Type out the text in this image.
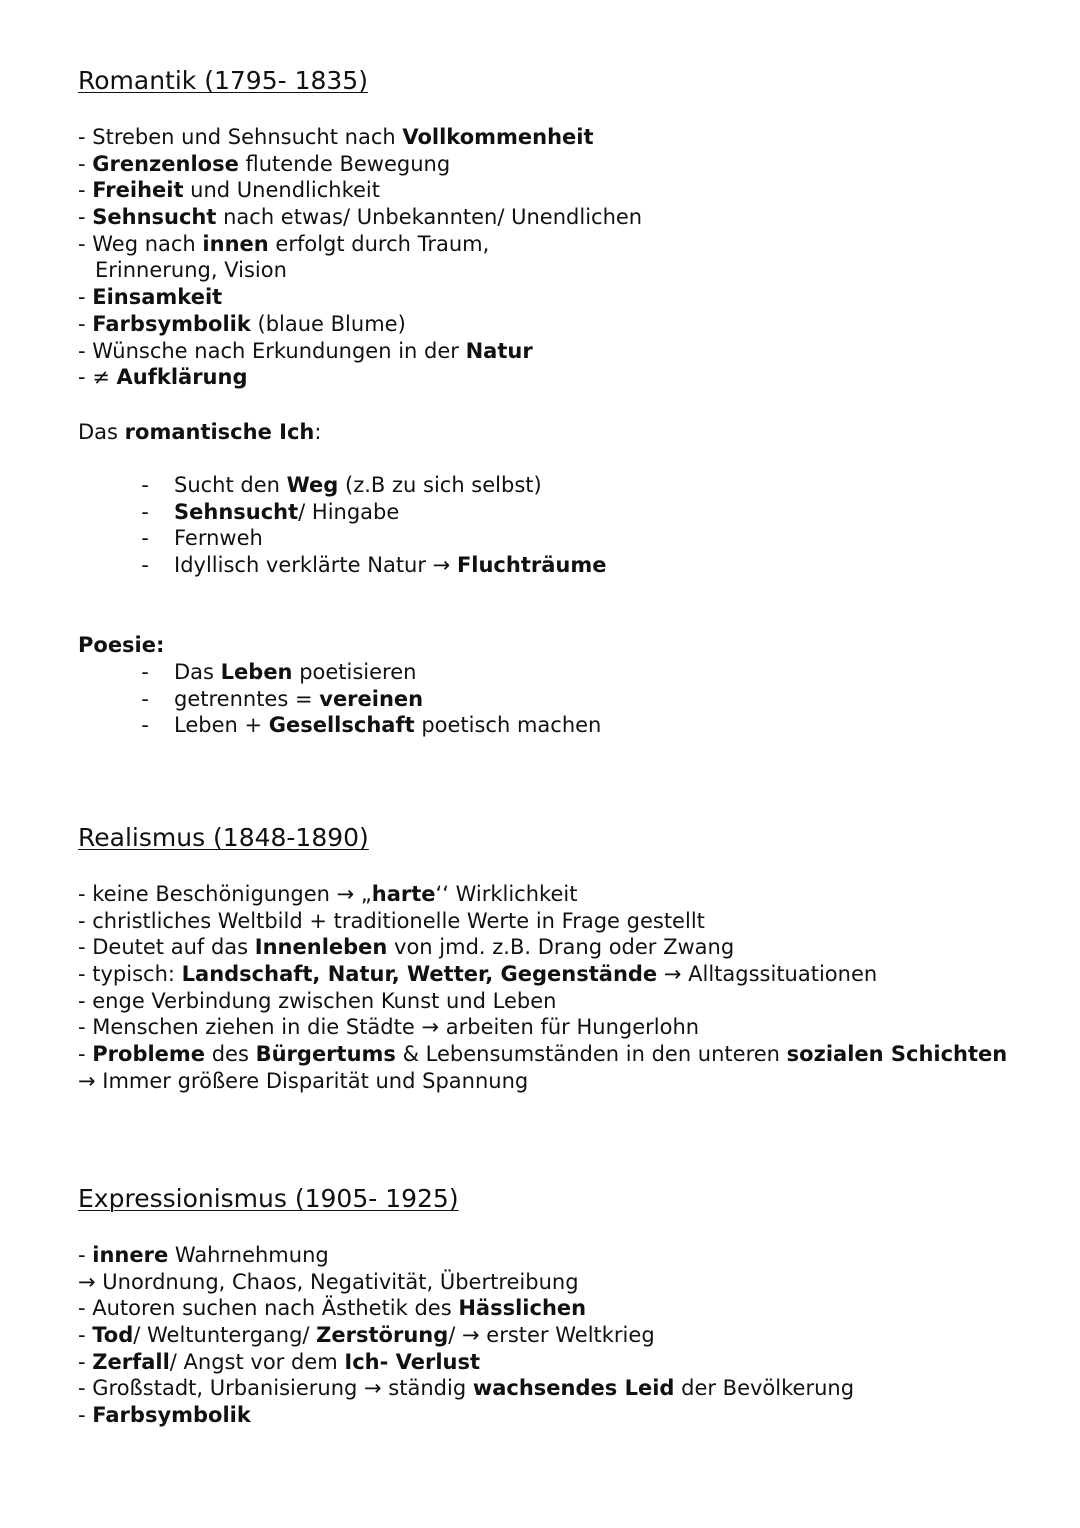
Romantik (1795- 1835)
- Streben und Sehnsucht nach Vollkommenheit
- Grenzenlose flutende Bewegung
- Freiheit und Unendlichkeit
- Sehnsucht nach etwas/ Unbekannten/ Unendlichen
- Weg nach innen erfolgt durch Traum,
Erinnerung, Vision
- Einsamkeit
- Farbsymbolik (blaue Blume)
- Wünsche nach Erkundungen in der Natur
- ≠ Aufklärung

Das romantische Ich:

- Sucht den Weg (z.B zu sich selbst)
- Sehnsucht/ Hingabe
- Fernweh
- Idyllisch verklärte Natur → Fluchträume

Poesie:

- Das Leben poetisieren
- getrenntes = vereinen
- Leben + Gesellschaft poetisch machen
Realismus (1848-1890)
- keine Beschönigungen → „harte‘‘ Wirklichkeit
- christliches Weltbild + traditionelle Werte in Frage gestellt
- Deutet auf das Innenleben von jmd. z.B. Drang oder Zwang
- typisch: Landschaft, Natur, Wetter, Gegenstände → Alltagssituationen
- enge Verbindung zwischen Kunst und Leben
- Menschen ziehen in die Städte → arbeiten für Hungerlohn
- Probleme des Bürgertums & Lebensumständen in den unteren sozialen Schichten
→ Immer größere Disparität und Spannung
Expressionismus (1905- 1925)
- innere Wahrnehmung
→ Unordnung, Chaos, Negativität, Übertreibung
- Autoren suchen nach Ästhetik des Hässlichen
- Tod/ Weltuntergang/ Zerstörung/ → erster Weltkrieg
- Zerfall/ Angst vor dem Ich- Verlust
- Großstadt, Urbanisierung → ständig wachsendes Leid der Bevölkerung
- Farbsymbolik
